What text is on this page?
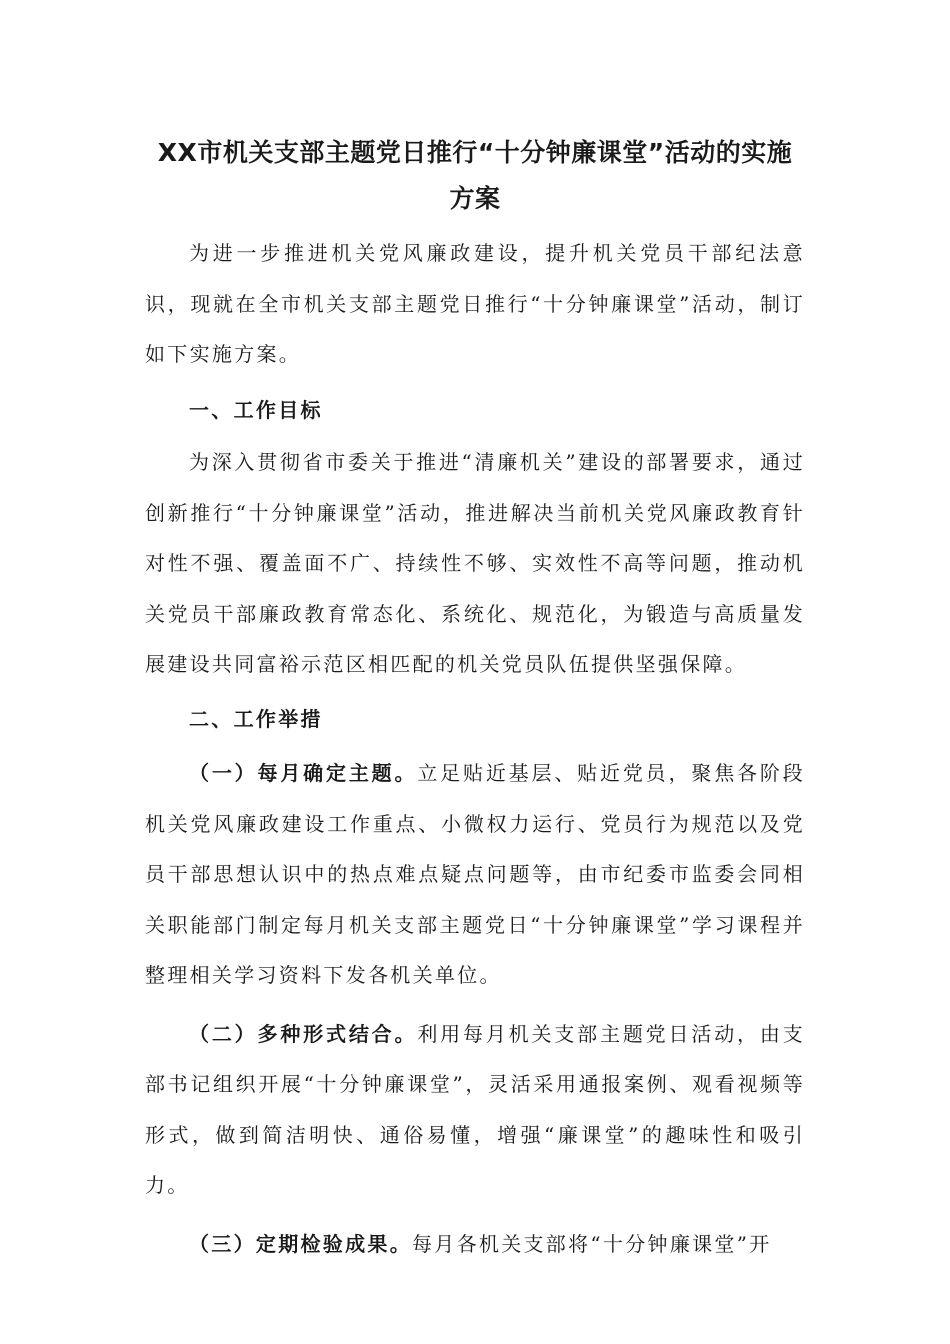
XX市机关支部主题党日推行“十分钟廉课堂”活动的实施
方案

为进一步推进机关党风廉政建设，提升机关党员干部纪法意识，现就在全市机关支部主题党日推行“十分钟廉课堂”活动，制订如下实施方案。

一、工作目标

为深入贯彻省市委关于推进“清廉机关”建设的部署要求，通过创新推行“十分钟廉课堂”活动，推进解决当前机关党风廉政教育针对性不强、覆盖面不广、持续性不够、实效性不高等问题，推动机关党员干部廉政教育常态化、系统化、规范化，为锻造与高质量发展建设共同富裕示范区相匹配的机关党员队伍提供坚强保障。

二、工作举措

（一）每月确定主题。立足贴近基层、贴近党员，聚焦各阶段机关党风廉政建设工作重点、小微权力运行、党员行为规范以及党员干部思想认识中的热点难点疑点问题等，由市纪委市监委会同相关职能部门制定每月机关支部主题党日“十分钟廉课堂”学习课程并整理相关学习资料下发各机关单位。

（二）多种形式结合。利用每月机关支部主题党日活动，由支部书记组织开展“十分钟廉课堂”，灵活采用通报案例、观看视频等形式，做到简洁明快、通俗易懂，增强“廉课堂”的趣味性和吸引力。

（三）定期检验成果。每月各机关支部将“十分钟廉课堂”开
